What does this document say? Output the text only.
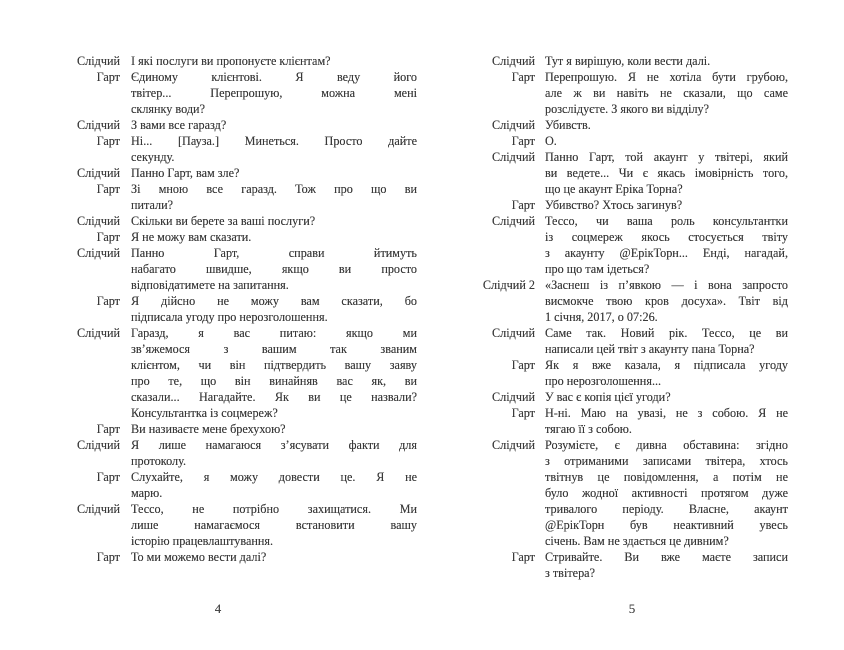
Слідчий І які послуги ви пропонуєте клієнтам?
Гарт Єдиному клієнтові. Я веду його
твітер... Перепрошую, можна мені
склянку води?
Слідчий З вами все гаразд?
Гарт Ні... [Пауза.] Минеться. Просто дайте
секунду.
Слідчий Панно Гарт, вам зле?
Гарт Зі мною все гаразд. Тож про що ви
питали?
Слідчий Скільки ви берете за ваші послуги?
Гарт Я не можу вам сказати.
Слідчий Панно Гарт, справи йтимуть
набагато швидше, якщо ви просто
відповідатимете на запитання.
Гарт Я дійсно не можу вам сказати, бо
підписала угоду про нерозголошення.
Слідчий Гаразд, я вас питаю: якщо ми
зв’яжемося з вашим так званим
клієнтом, чи він підтвердить вашу заяву
про те, що він винайняв вас як, ви
сказали... Нагадайте. Як ви це назвали?
Консультантка із соцмереж?
Гарт Ви називаєте мене брехухою?
Слідчий Я лише намагаюся з’ясувати факти для
протоколу.
Гарт Слухайте, я можу довести це. Я не
марю.
Слідчий Тессо, не потрібно захищатися. Ми
лише намагаємося встановити вашу
історію працевлаштування.
Гарт То ми можемо вести далі?
Слідчий Тут я вирішую, коли вести далі.
Гарт Перепрошую. Я не хотіла бути грубою,
але ж ви навіть не сказали, що саме
розслідуєте. З якого ви відділу?
Слідчий Убивств.
Гарт О.
Слідчий Панно Гарт, той акаунт у твітері, який
ви ведете... Чи є якась імовірність того,
що це акаунт Еріка Торна?
Гарт Убивство? Хтось загинув?
Слідчий Тессо, чи ваша роль консультантки
із соцмереж якось стосується твіту
з акаунту @ЕрікТорн... Енді, нагадай,
про що там ідеться?
Слідчий 2 «Заснеш із п’явкою — і вона запросто
висмокче твою кров досуха». Твіт від
1 січня, 2017, о 07:26.
Слідчий Саме так. Новий рік. Тессо, це ви
написали цей твіт з акаунту пана Торна?
Гарт Як я вже казала, я підписала угоду
про нерозголошення...
Слідчий У вас є копія цієї угоди?
Гарт Н-ні. Маю на увазі, не з собою. Я не
тягаю її з собою.
Слідчий Розумієте, є дивна обставина: згідно
з отриманими записами твітера, хтось
твітнув це повідомлення, а потім не
було жодної активності протягом дуже
тривалого періоду. Власне, акаунт
@ЕрікТорн був неактивний увесь
січень. Вам не здається це дивним?
Гарт Стривайте. Ви вже маєте записи
з твітера?
4	5
